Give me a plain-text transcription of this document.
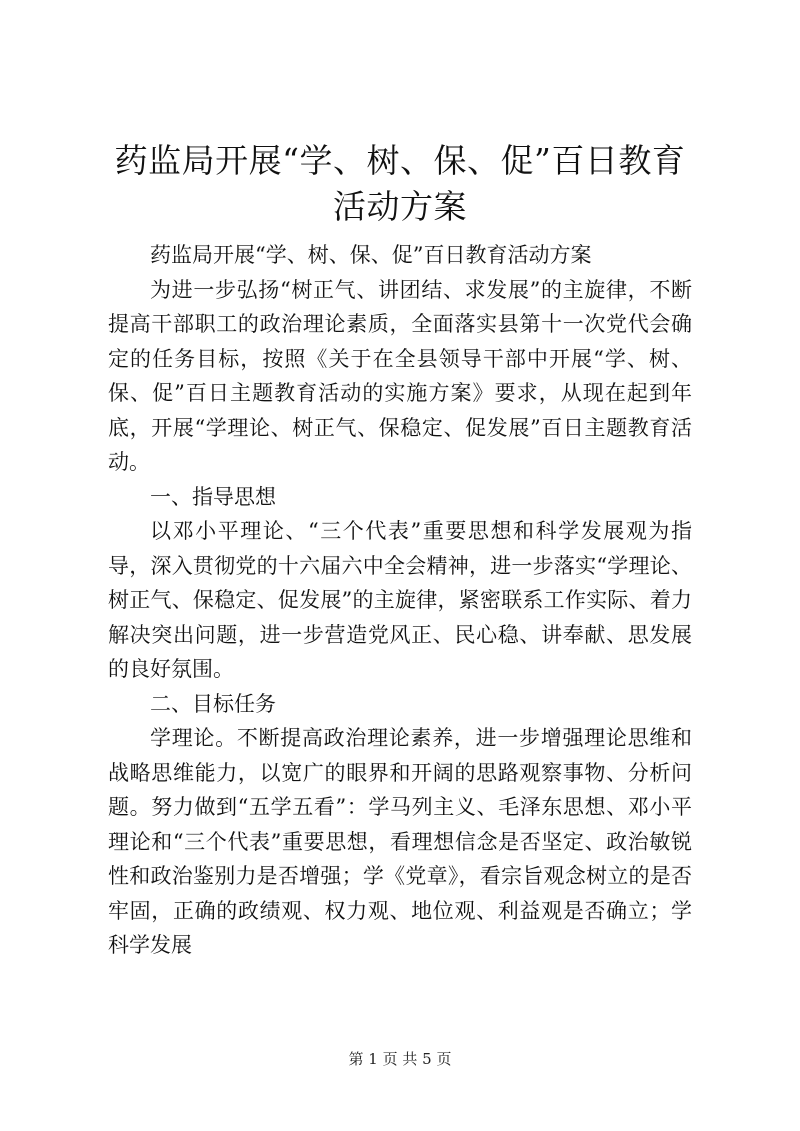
药监局开展“学、树、保、促”百日教育活动方案

药监局开展“学、树、保、促”百日教育活动方案

为进一步弘扬“树正气、讲团结、求发展”的主旋律，不断提高干部职工的政治理论素质，全面落实县第十一次党代会确定的任务目标，按照《关于在全县领导干部中开展“学、树、保、促”百日主题教育活动的实施方案》要求，从现在起到年底，开展“学理论、树正气、保稳定、促发展”百日主题教育活动。

一、指导思想

以邓小平理论、“三个代表”重要思想和科学发展观为指导，深入贯彻党的十六届六中全会精神，进一步落实“学理论、树正气、保稳定、促发展”的主旋律，紧密联系工作实际、着力解决突出问题，进一步营造党风正、民心稳、讲奉献、思发展的良好氛围。

二、目标任务

学理论。不断提高政治理论素养，进一步增强理论思维和战略思维能力，以宽广的眼界和开阔的思路观察事物、分析问题。努力做到“五学五看”：学马列主义、毛泽东思想、邓小平理论和“三个代表”重要思想，看理想信念是否坚定、政治敏锐性和政治鉴别力是否增强；学《党章》，看宗旨观念树立的是否牢固，正确的政绩观、权力观、地位观、利益观是否确立；学科学发展

第 1 页 共 5 页
